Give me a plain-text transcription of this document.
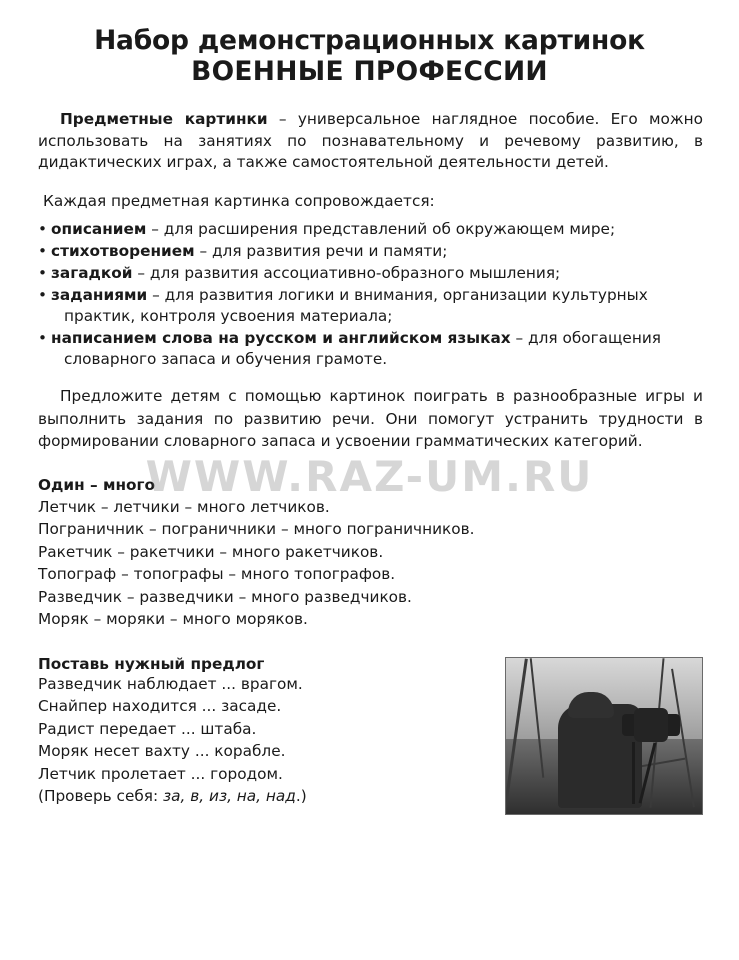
Набор демонстрационных картинок
ВОЕННЫЕ ПРОФЕССИИ

Предметные картинки – универсальное наглядное пособие. Его можно использовать на занятиях по познавательному и речевому развитию, в дидактических играх, а также самостоятельной деятельности детей.

Каждая предметная картинка сопровождается:

• описанием – для расширения представлений об окружающем мире;
• стихотворением – для развития речи и памяти;
• загадкой – для развития ассоциативно-образного мышления;
• заданиями – для развития логики и внимания, организации культурных
практик, контроля усвоения материала;
• написанием слова на русском и английском языках – для обогащения
словарного запаса и обучения грамоте.

Предложите детям с помощью картинок поиграть в разнообразные игры и выполнить задания по развитию речи. Они помогут устранить трудности в формировании словарного запаса и усвоении грамматических категорий.

Один – много
Летчик – летчики – много летчиков.
Пограничник – пограничники – много пограничников.
Ракетчик – ракетчики – много ракетчиков.
Топограф – топографы – много топографов.
Разведчик – разведчики – много разведчиков.
Моряк – моряки – много моряков.
Поставь нужный предлог
Разведчик наблюдает ... врагом.
Снайпер находится ... засаде.
Радист передает ... штаба.
Моряк несет вахту ... корабле.
Летчик пролетает ... городом.
(Проверь себя: за, в, из, на, над.)
WWW.RAZ-UM.RU
